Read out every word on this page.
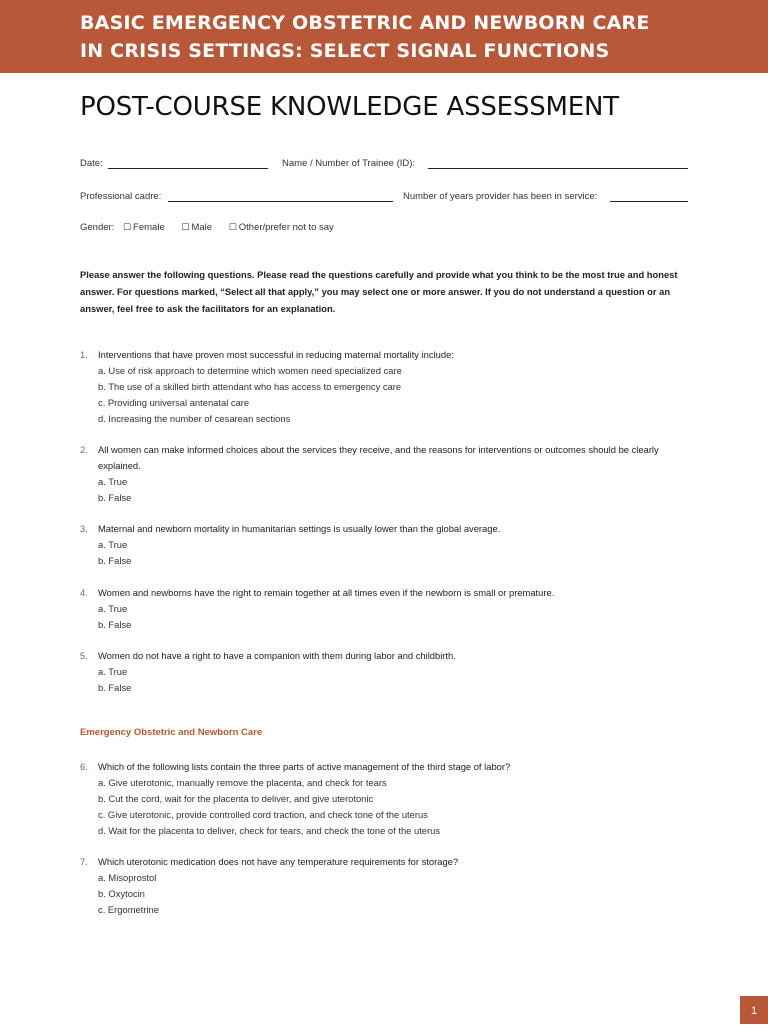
BASIC EMERGENCY OBSTETRIC AND NEWBORN CARE
IN CRISIS SETTINGS: SELECT SIGNAL FUNCTIONS
POST-COURSE KNOWLEDGE ASSESSMENT
Date:	Name / Number of Trainee (ID):
Professional cadre:	Number of years provider has been in service:
Gender: ☐ Female ☐ Male ☐ Other/prefer not to say
Please answer the following questions. Please read the questions carefully and provide what you think to be the most true and honest answer. For questions marked, “Select all that apply,” you may select one or more answer. If you do not understand a question or an answer, feel free to ask the facilitators for an explanation.
1. Interventions that have proven most successful in reducing maternal mortality include:
a. Use of risk approach to determine which women need specialized care
b. The use of a skilled birth attendant who has access to emergency care
c. Providing universal antenatal care
d. Increasing the number of cesarean sections
2. All women can make informed choices about the services they receive, and the reasons for interventions or outcomes should be clearly explained.
a. True
b. False
3. Maternal and newborn mortality in humanitarian settings is usually lower than the global average.
a. True
b. False
4. Women and newborns have the right to remain together at all times even if the newborn is small or premature.
a. True
b. False
5. Women do not have a right to have a companion with them during labor and childbirth.
a. True
b. False
Emergency Obstetric and Newborn Care
6. Which of the following lists contain the three parts of active management of the third stage of labor?
a. Give uterotonic, manually remove the placenta, and check for tears
b. Cut the cord, wait for the placenta to deliver, and give uterotonic
c. Give uterotonic, provide controlled cord traction, and check tone of the uterus
d. Wait for the placenta to deliver, check for tears, and check the tone of the uterus
7. Which uterotonic medication does not have any temperature requirements for storage?
a. Misoprostol
b. Oxytocin
c. Ergometrine
1
